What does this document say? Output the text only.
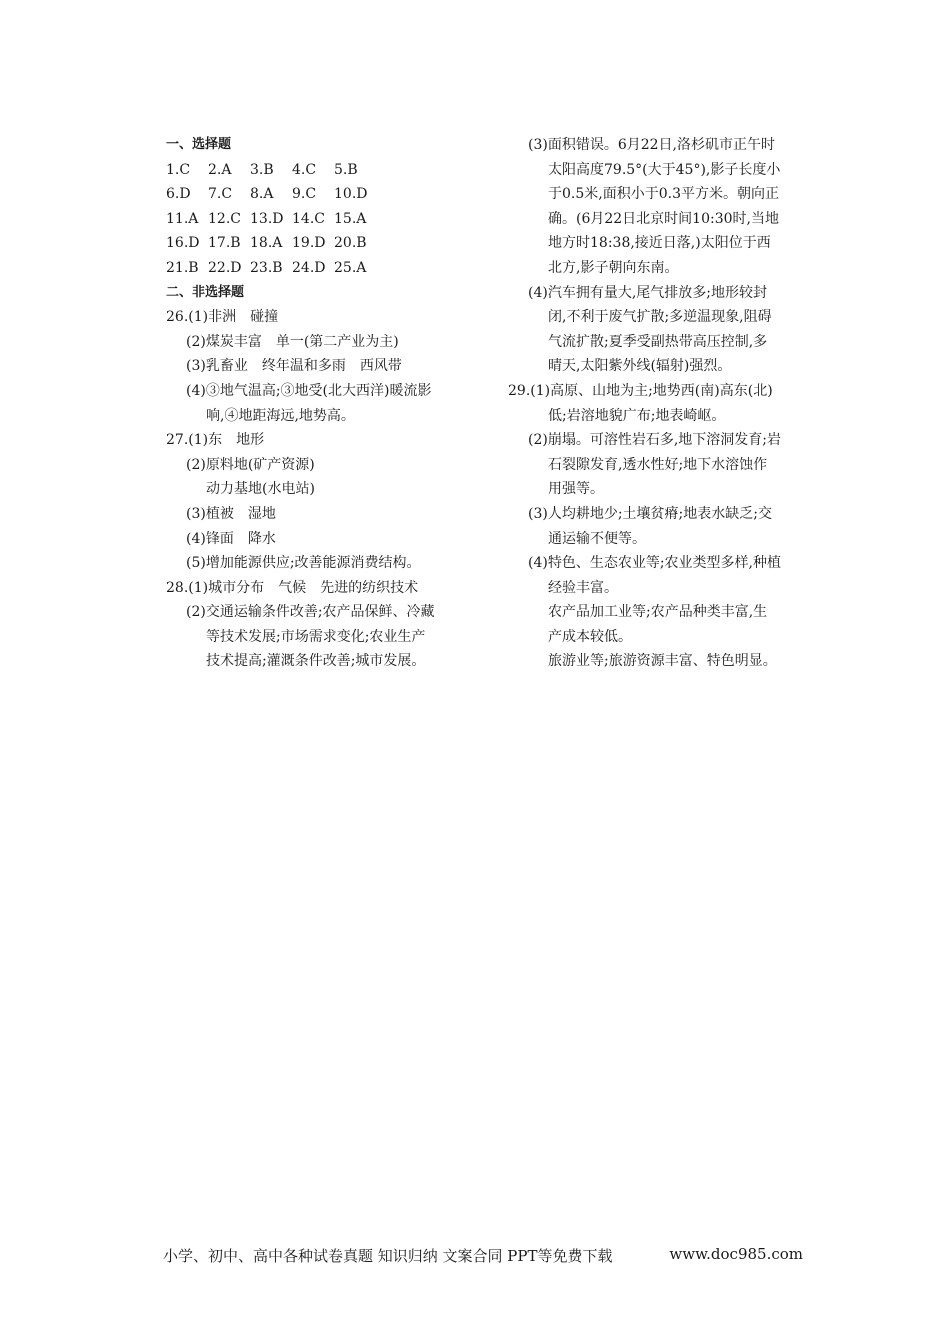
一、选择题
1.C	2.A	3.B	4.C	5.B
6.D	7.C	8.A	9.C	10.D
11.A 12.C 13.D 14.C 15.A
16.D 17.B 18.A 19.D 20.B
21.B 22.D 23.B 24.D 25.A
二、非选择题
26.(1)非洲　碰撞
(2)煤炭丰富　单一(第二产业为主)
(3)乳畜业　终年温和多雨　西风带
(4)③地气温高;③地受(北大西洋)暖流影
响,④地距海远,地势高。
27.(1)东　地形
(2)原料地(矿产资源)
动力基地(水电站)
(3)植被　湿地
(4)锋面　降水
(5)增加能源供应;改善能源消费结构。
28.(1)城市分布　气候　先进的纺织技术
(2)交通运输条件改善;农产品保鲜、冷藏
等技术发展;市场需求变化;农业生产
技术提高;灌溉条件改善;城市发展。
(3)面积错误。6月22日,洛杉矶市正午时
太阳高度79.5°(大于45°),影子长度小
于0.5米,面积小于0.3平方米。朝向正
确。(6月22日北京时间10:30时,当地
地方时18:38,接近日落,)太阳位于西
北方,影子朝向东南。
(4)汽车拥有量大,尾气排放多;地形较封
闭,不利于废气扩散;多逆温现象,阻碍
气流扩散;夏季受副热带高压控制,多
晴天,太阳紫外线(辐射)强烈。
29.(1)高原、山地为主;地势西(南)高东(北)
低;岩溶地貌广布;地表崎岖。
(2)崩塌。可溶性岩石多,地下溶洞发育;岩
石裂隙发育,透水性好;地下水溶蚀作
用强等。
(3)人均耕地少;土壤贫瘠;地表水缺乏;交
通运输不便等。
(4)特色、生态农业等;农业类型多样,种植
经验丰富。
农产品加工业等;农产品种类丰富,生
产成本较低。
旅游业等;旅游资源丰富、特色明显。
小学、初中、高中各种试卷真题 知识归纳 文案合同 PPT等免费下载	www.doc985.com
